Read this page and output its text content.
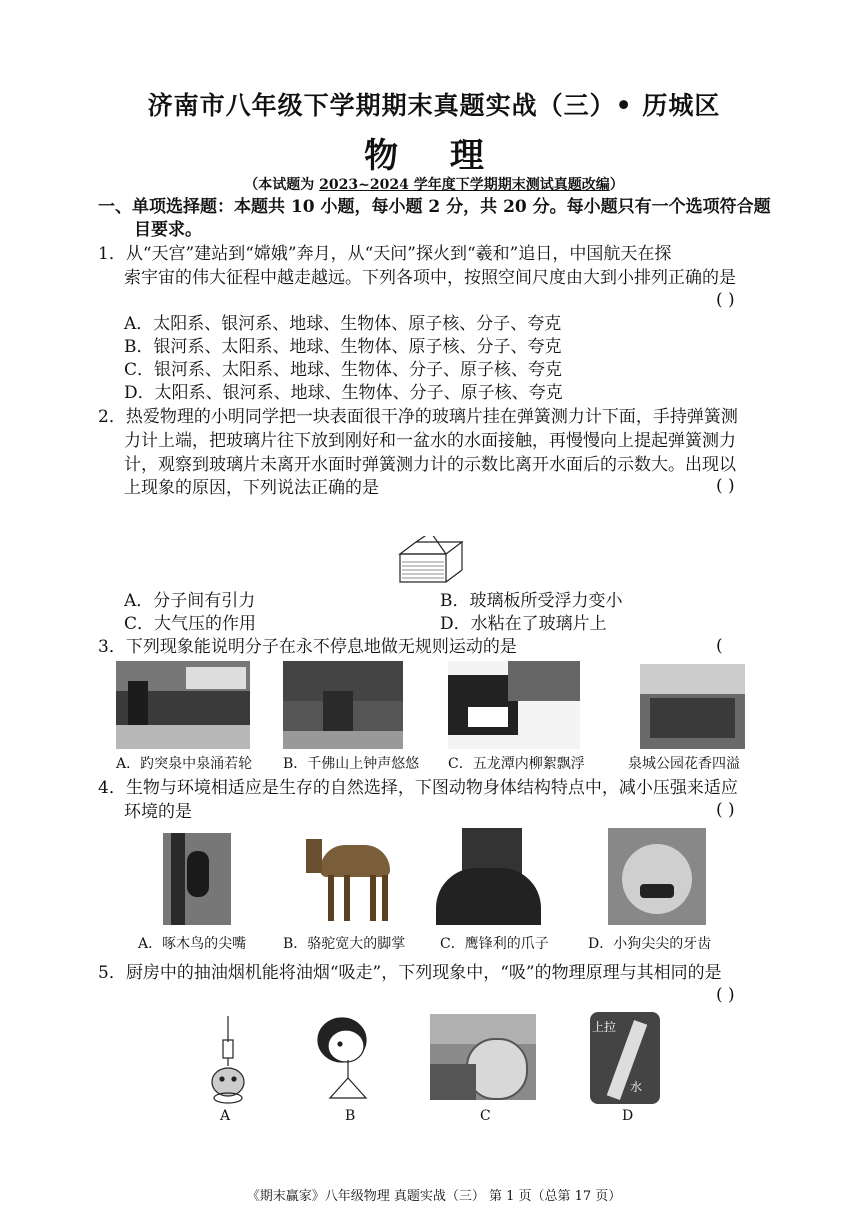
济南市八年级下学期期末真题实战（三）• 历城区
物 理
（本试题为 2023~2024 学年度下学期期末测试真题改编）
一、单项选择题：本题共 10 小题，每小题 2 分，共 20 分。每小题只有一个选项符合题
目要求。
1．从“天宫”建站到“嫦娥”奔月，从“天问”探火到“羲和”追日，中国航天在探
索宇宙的伟大征程中越走越远。下列各项中，按照空间尺度由大到小排列正确的是
( )
A．太阳系、银河系、地球、生物体、原子核、分子、夸克
B．银河系、太阳系、地球、生物体、原子核、分子、夸克
C．银河系、太阳系、地球、生物体、分子、原子核、夸克
D．太阳系、银河系、地球、生物体、分子、原子核、夸克
2．热爱物理的小明同学把一块表面很干净的玻璃片挂在弹簧测力计下面，手持弹簧测
力计上端，把玻璃片往下放到刚好和一盆水的水面接触，再慢慢向上提起弹簧测力
计，观察到玻璃片未离开水面时弹簧测力计的示数比离开水面后的示数大。出现以
上现象的原因，下列说法正确的是	( )
A．分子间有引力	B．玻璃板所受浮力变小
C．大气压的作用	D．水粘在了玻璃片上
3．下列现象能说明分子在永不停息地做无规则运动的是	(
A．趵突泉中泉涌若轮 B．千佛山上钟声悠悠 C．五龙潭内柳絮飘浮	泉城公园花香四溢
4．生物与环境相适应是生存的自然选择，下图动物身体结构特点中，减小压强来适应
环境的是	( )
A．啄木鸟的尖嘴	B．骆驼宽大的脚掌 C．鹰锋利的爪子	D．小狗尖尖的牙齿
5．厨房中的抽油烟机能将油烟“吸走”，下列现象中，“吸”的物理原理与其相同的是
( )
上拉
水
A	B	C	D
《期末赢家》八年级物理 真题实战（三） 第 1 页（总第 17 页）
